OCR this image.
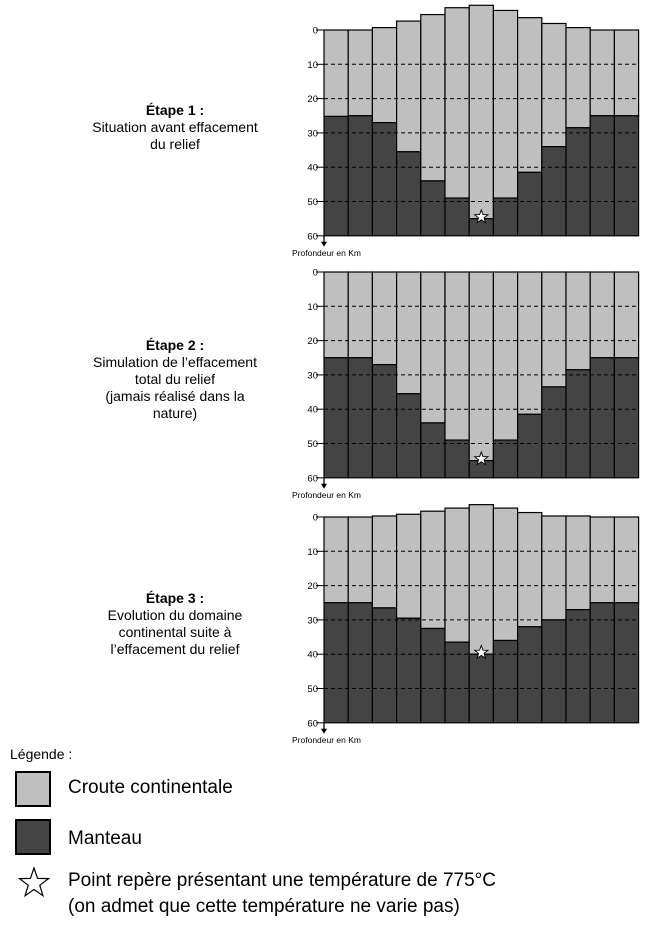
Étape 1 :
Situation avant effacement
du relief
Étape 2 :
Simulation de l’effacement
total du relief
(jamais réalisé dans la
nature)
Étape 3 :
Evolution du domaine
continental suite à
l’effacement du relief
0
10
20
30
40
50
60
Profondeur en Km
0
10
20
30
40
50
60
Profondeur en Km
0
10
20
30
40
50
60
Profondeur en Km
Légende :
Croute continentale
Manteau
Point repère présentant une température de 775°C
(on admet que cette température ne varie pas)
